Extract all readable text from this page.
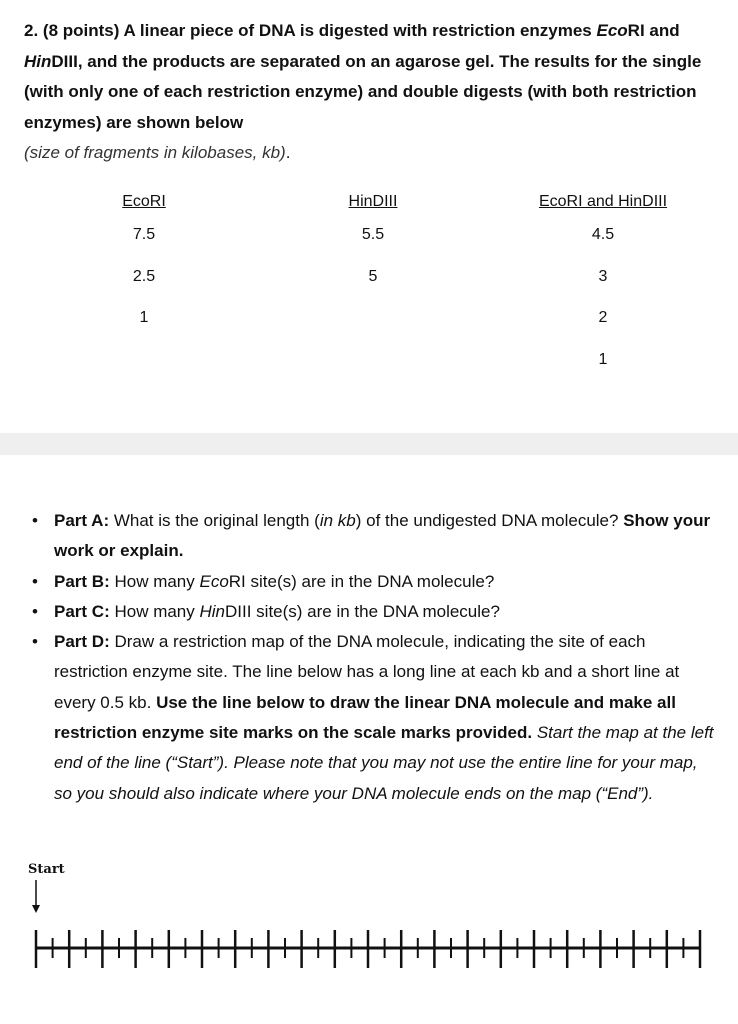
2. (8 points) A linear piece of DNA is digested with restriction enzymes EcoRI and HinDIII, and the products are separated on an agarose gel. The results for the single (with only one of each restriction enzyme) and double digests (with both restriction enzymes) are shown below
(size of fragments in kilobases, kb).
EcoRI
7.5
2.5
1
HinDIII
5.5
5
EcoRI and HinDIII
4.5
3
2
1
• Part A: What is the original length (in kb) of the undigested DNA molecule? Show your work or explain.
• Part B: How many EcoRI site(s) are in the DNA molecule?
• Part C: How many HinDIII site(s) are in the DNA molecule?
• Part D: Draw a restriction map of the DNA molecule, indicating the site of each restriction enzyme site. The line below has a long line at each kb and a short line at every 0.5 kb. Use the line below to draw the linear DNA molecule and make all restriction enzyme site marks on the scale marks provided. Start the map at the left end of the line (“Start”). Please note that you may not use the entire line for your map, so you should also indicate where your DNA molecule ends on the map (“End”).
Start
